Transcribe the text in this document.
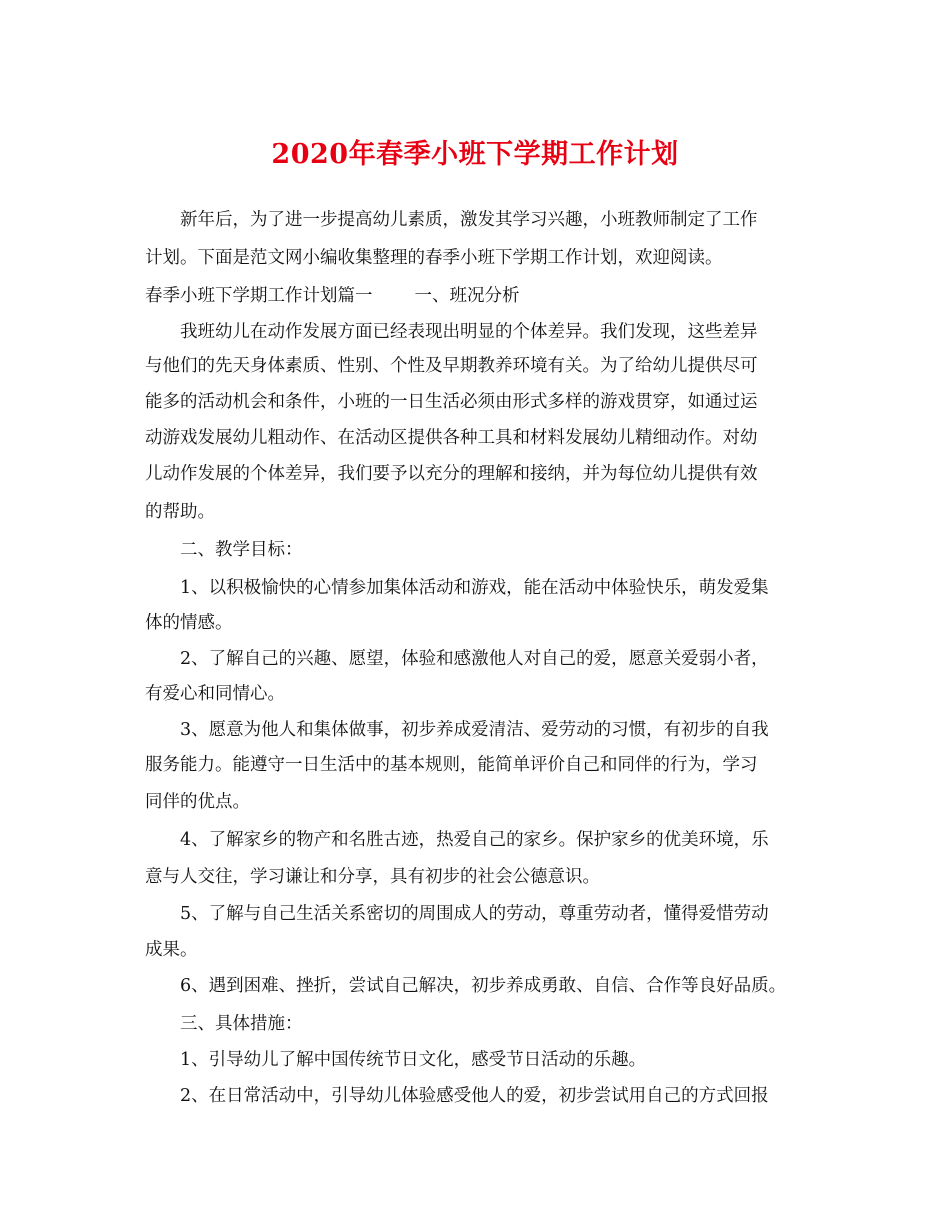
2020年春季小班下学期工作计划
新年后，为了进一步提高幼儿素质，激发其学习兴趣，小班教师制定了工作
计划。下面是范文网小编收集整理的春季小班下学期工作计划，欢迎阅读。
春季小班下学期工作计划篇一 一、班况分析
我班幼儿在动作发展方面已经表现出明显的个体差异。我们发现，这些差异
与他们的先天身体素质、性别、个性及早期教养环境有关。为了给幼儿提供尽可
能多的活动机会和条件，小班的一日生活必须由形式多样的游戏贯穿，如通过运
动游戏发展幼儿粗动作、在活动区提供各种工具和材料发展幼儿精细动作。对幼
儿动作发展的个体差异，我们要予以充分的理解和接纳，并为每位幼儿提供有效
的帮助。
二、教学目标：
1、以积极愉快的心情参加集体活动和游戏，能在活动中体验快乐，萌发爱集
体的情感。
2、了解自己的兴趣、愿望，体验和感激他人对自己的爱，愿意关爱弱小者，
有爱心和同情心。
3、愿意为他人和集体做事，初步养成爱清洁、爱劳动的习惯，有初步的自我
服务能力。能遵守一日生活中的基本规则，能简单评价自己和同伴的行为，学习
同伴的优点。
4、了解家乡的物产和名胜古迹，热爱自己的家乡。保护家乡的优美环境，乐
意与人交往，学习谦让和分享，具有初步的社会公德意识。
5、了解与自己生活关系密切的周围成人的劳动，尊重劳动者，懂得爱惜劳动
成果。
6、遇到困难、挫折，尝试自己解决，初步养成勇敢、自信、合作等良好品质。
三、具体措施：
1、引导幼儿了解中国传统节日文化，感受节日活动的乐趣。
2、在日常活动中，引导幼儿体验感受他人的爱，初步尝试用自己的方式回报
